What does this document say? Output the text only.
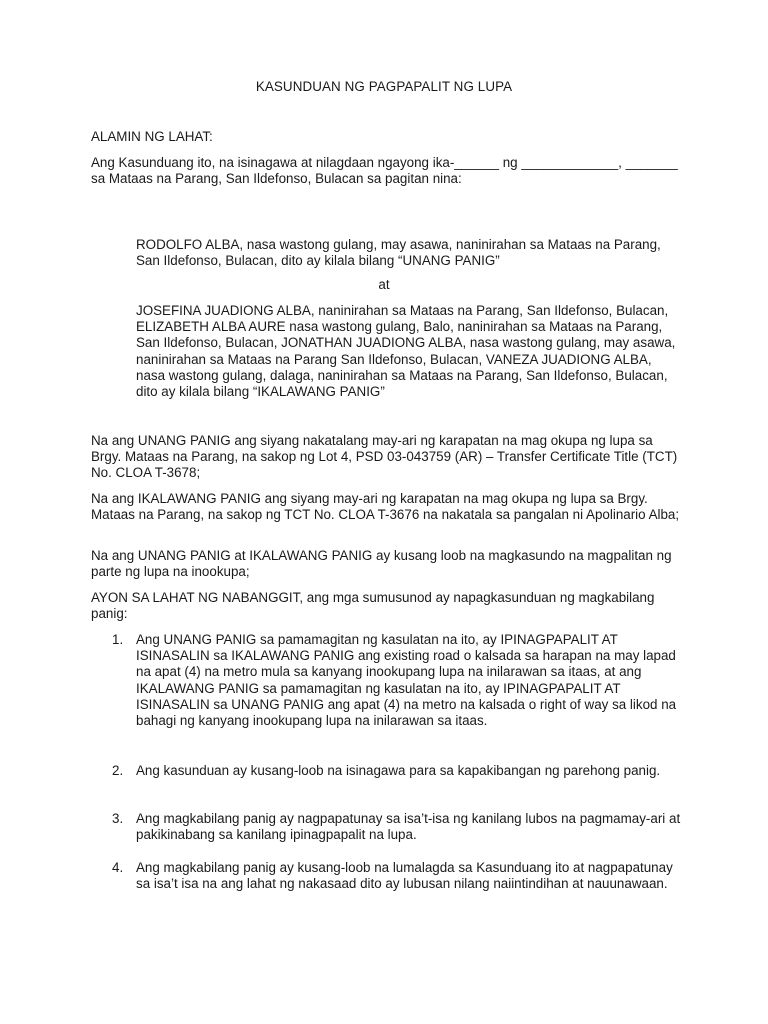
KASUNDUAN NG PAGPAPALIT NG LUPA
ALAMIN NG LAHAT:
Ang Kasunduang ito, na isinagawa at nilagdaan ngayong ika-______ ng _____________, _______ sa Mataas na Parang, San Ildefonso, Bulacan sa pagitan nina:
RODOLFO ALBA, nasa wastong gulang, may asawa, naninirahan sa Mataas na Parang, San Ildefonso, Bulacan, dito ay kilala bilang “UNANG PANIG”
at
JOSEFINA JUADIONG ALBA, naninirahan sa Mataas na Parang, San Ildefonso, Bulacan, ELIZABETH ALBA AURE nasa wastong gulang, Balo, naninirahan sa Mataas na Parang, San Ildefonso, Bulacan, JONATHAN JUADIONG ALBA, nasa wastong gulang, may asawa, naninirahan sa Mataas na Parang San Ildefonso, Bulacan, VANEZA JUADIONG ALBA, nasa wastong gulang, dalaga, naninirahan sa Mataas na Parang, San Ildefonso, Bulacan, dito ay kilala bilang “IKALAWANG PANIG”
Na ang UNANG PANIG ang siyang nakatalang may-ari ng karapatan na mag okupa ng lupa sa Brgy. Mataas na Parang, na sakop ng Lot 4, PSD 03-043759 (AR) – Transfer Certificate Title (TCT) No. CLOA T-3678;
Na ang IKALAWANG PANIG ang siyang may-ari ng karapatan na mag okupa ng lupa sa Brgy. Mataas na Parang, na sakop ng TCT No. CLOA T-3676 na nakatala sa pangalan ni Apolinario Alba;
Na ang UNANG PANIG at IKALAWANG PANIG ay kusang loob na magkasundo na magpalitan ng parte ng lupa na inookupa;
AYON SA LAHAT NG NABANGGIT, ang mga sumusunod ay napagkasunduan ng magkabilang panig:
1. Ang UNANG PANIG sa pamamagitan ng kasulatan na ito, ay IPINAGPAPALIT AT ISINASALIN sa IKALAWANG PANIG ang existing road o kalsada sa harapan na may lapad na apat (4) na metro mula sa kanyang inookupang lupa na inilarawan sa itaas, at ang IKALAWANG PANIG sa pamamagitan ng kasulatan na ito, ay IPINAGPAPALIT AT ISINASALIN sa UNANG PANIG ang apat (4) na metro na kalsada o right of way sa likod na bahagi ng kanyang inookupang lupa na inilarawan sa itaas.
2. Ang kasunduan ay kusang-loob na isinagawa para sa kapakibangan ng parehong panig.
3. Ang magkabilang panig ay nagpapatunay sa isa’t-isa ng kanilang lubos na pagmamay-ari at pakikinabang sa kanilang ipinagpapalit na lupa.
4. Ang magkabilang panig ay kusang-loob na lumalagda sa Kasunduang ito at nagpapatunay sa isa’t isa na ang lahat ng nakasaad dito ay lubusan nilang naiintindihan at nauunawaan.
